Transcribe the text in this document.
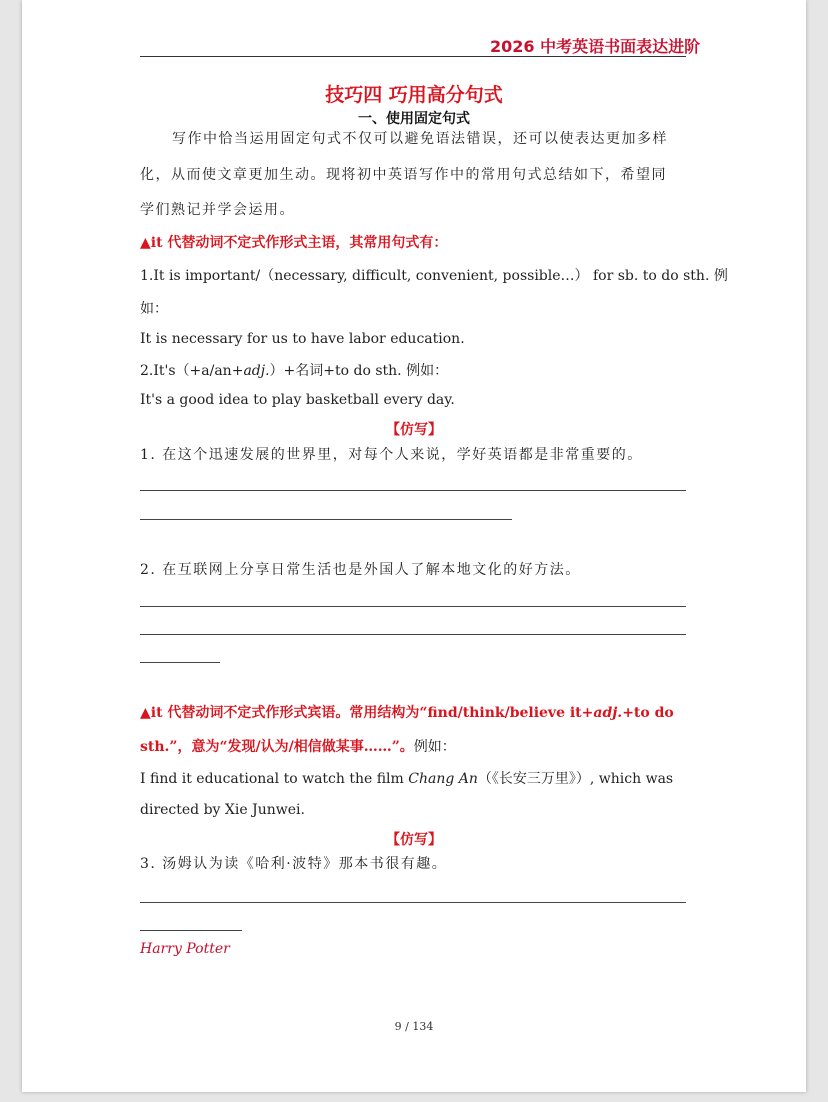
2026 中考英语书面表达进阶
技巧四 巧用高分句式
一、使用固定句式
写作中恰当运用固定句式不仅可以避免语法错误，还可以使表达更加多样
化，从而使文章更加生动。现将初中英语写作中的常用句式总结如下，希望同
学们熟记并学会运用。
▲it 代替动词不定式作形式主语，其常用句式有：
1.It is important/（necessary, difficult, convenient, possible…） for sb. to do sth. 例
如：
It is necessary for us to have labor education.
2.It's（+a/an+adj.）+名词+to do sth. 例如：
It's a good idea to play basketball every day.
【仿写】
1. 在这个迅速发展的世界里，对每个人来说，学好英语都是非常重要的。
2. 在互联网上分享日常生活也是外国人了解本地文化的好方法。
▲it 代替动词不定式作形式宾语。常用结构为“find/think/believe it+adj.+to do
sth.”，意为“发现/认为/相信做某事……”。例如：
I find it educational to watch the film Chang An（《长安三万里》）, which was
directed by Xie Junwei.
【仿写】
3. 汤姆认为读《哈利·波特》那本书很有趣。
Harry Potter
9 / 134
